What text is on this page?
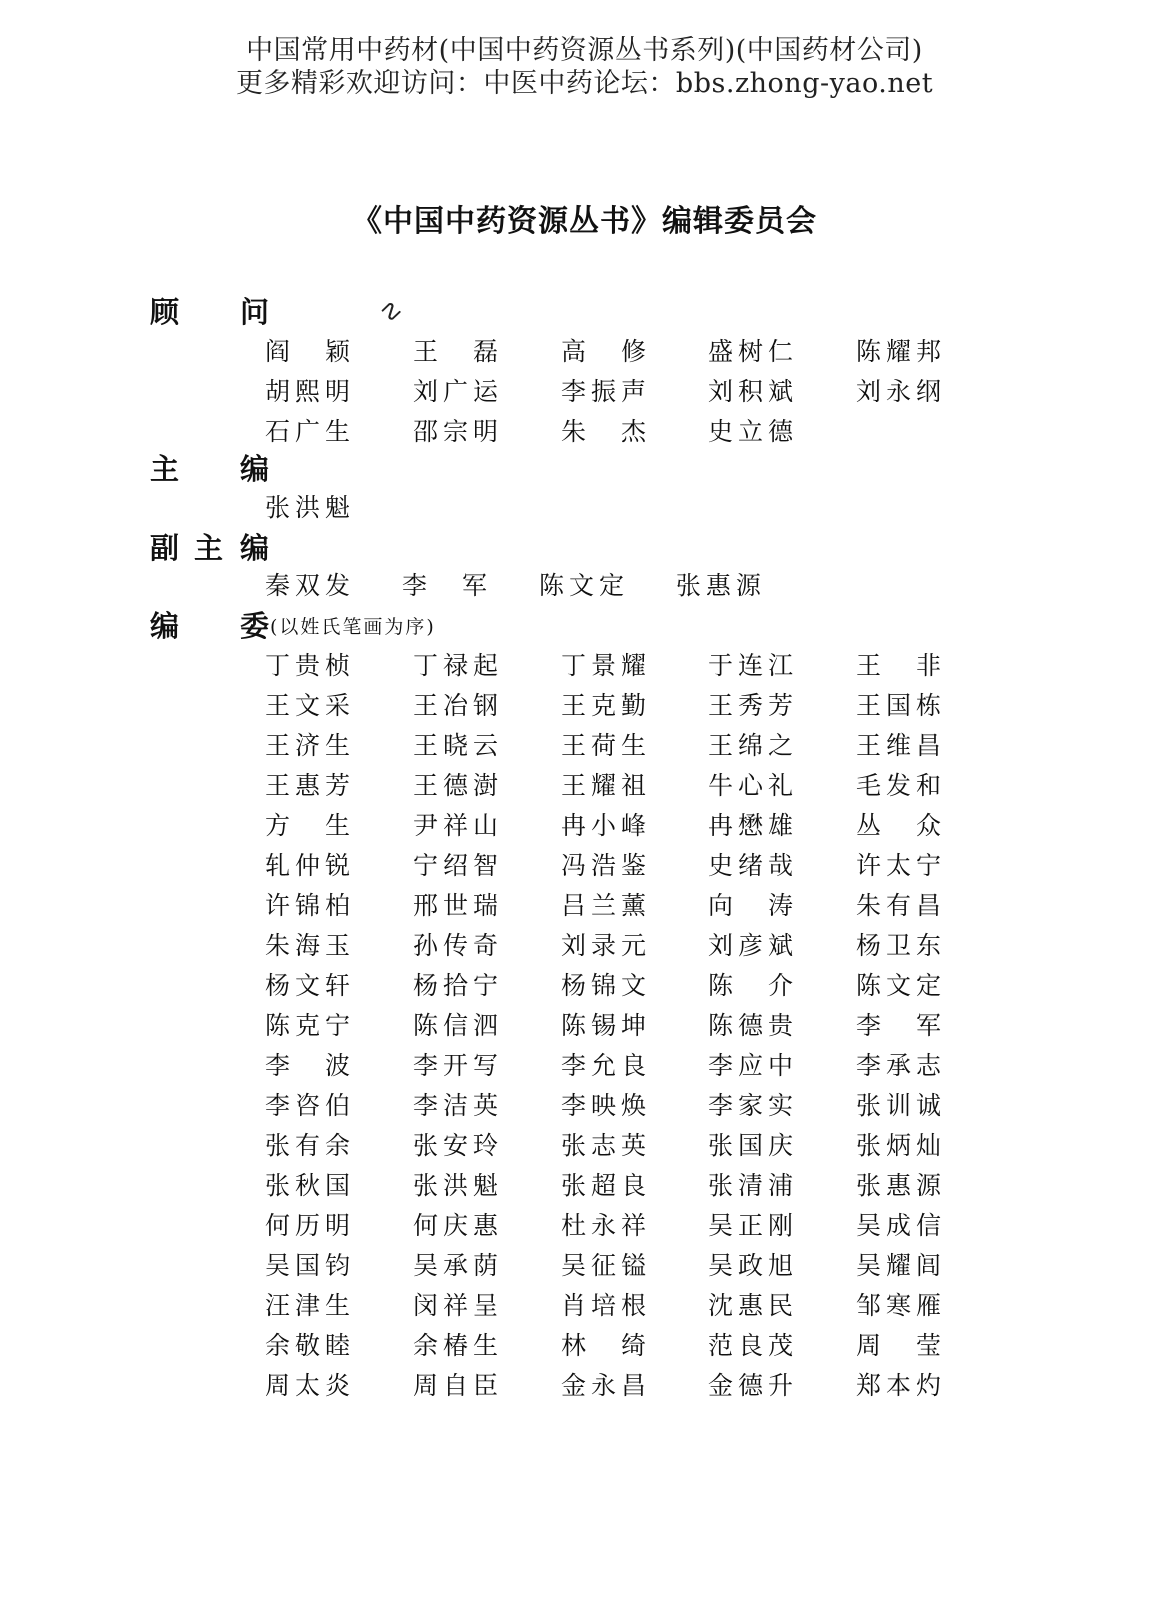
中国常用中药材(中国中药资源丛书系列)(中国药材公司)
更多精彩欢迎访问：中医中药论坛：bbs.zhong-yao.net
《中国中药资源丛书》编辑委员会
☡
顾 问
阎　颖 王　磊 高　修 盛树仁 陈耀邦
胡熙明 刘广运 李振声 刘积斌 刘永纲
石广生 邵宗明 朱　杰 史立德
主 编
张洪魁
副 主 编
秦双发 李　军 陈文定 张惠源
编 委 (以姓氏笔画为序)
丁贵桢 丁禄起 丁景耀 于连江 王　非
王文采 王冶钢 王克勤 王秀芳 王国栋
王济生 王晓云 王荷生 王绵之 王维昌
王惠芳 王德澍 王耀祖 牛心礼 毛发和
方　生 尹祥山 冉小峰 冉懋雄 丛　众
轧仲锐 宁绍智 冯浩鉴 史绪哉 许太宁
许锦柏 邢世瑞 吕兰薰 向　涛 朱有昌
朱海玉 孙传奇 刘录元 刘彦斌 杨卫东
杨文轩 杨拾宁 杨锦文 陈　介 陈文定
陈克宁 陈信泗 陈锡坤 陈德贵 李　军
李　波 李开写 李允良 李应中 李承志
李咨伯 李洁英 李映焕 李家实 张训诚
张有余 张安玲 张志英 张国庆 张炳灿
张秋国 张洪魁 张超良 张清浦 张惠源
何历明 何庆惠 杜永祥 吴正刚 吴成信
吴国钧 吴承荫 吴征镒 吴政旭 吴耀闾
汪津生 闵祥呈 肖培根 沈惠民 邹寒雁
余敬睦 余椿生 林　绮 范良茂 周　莹
周太炎 周自臣 金永昌 金德升 郑本灼
